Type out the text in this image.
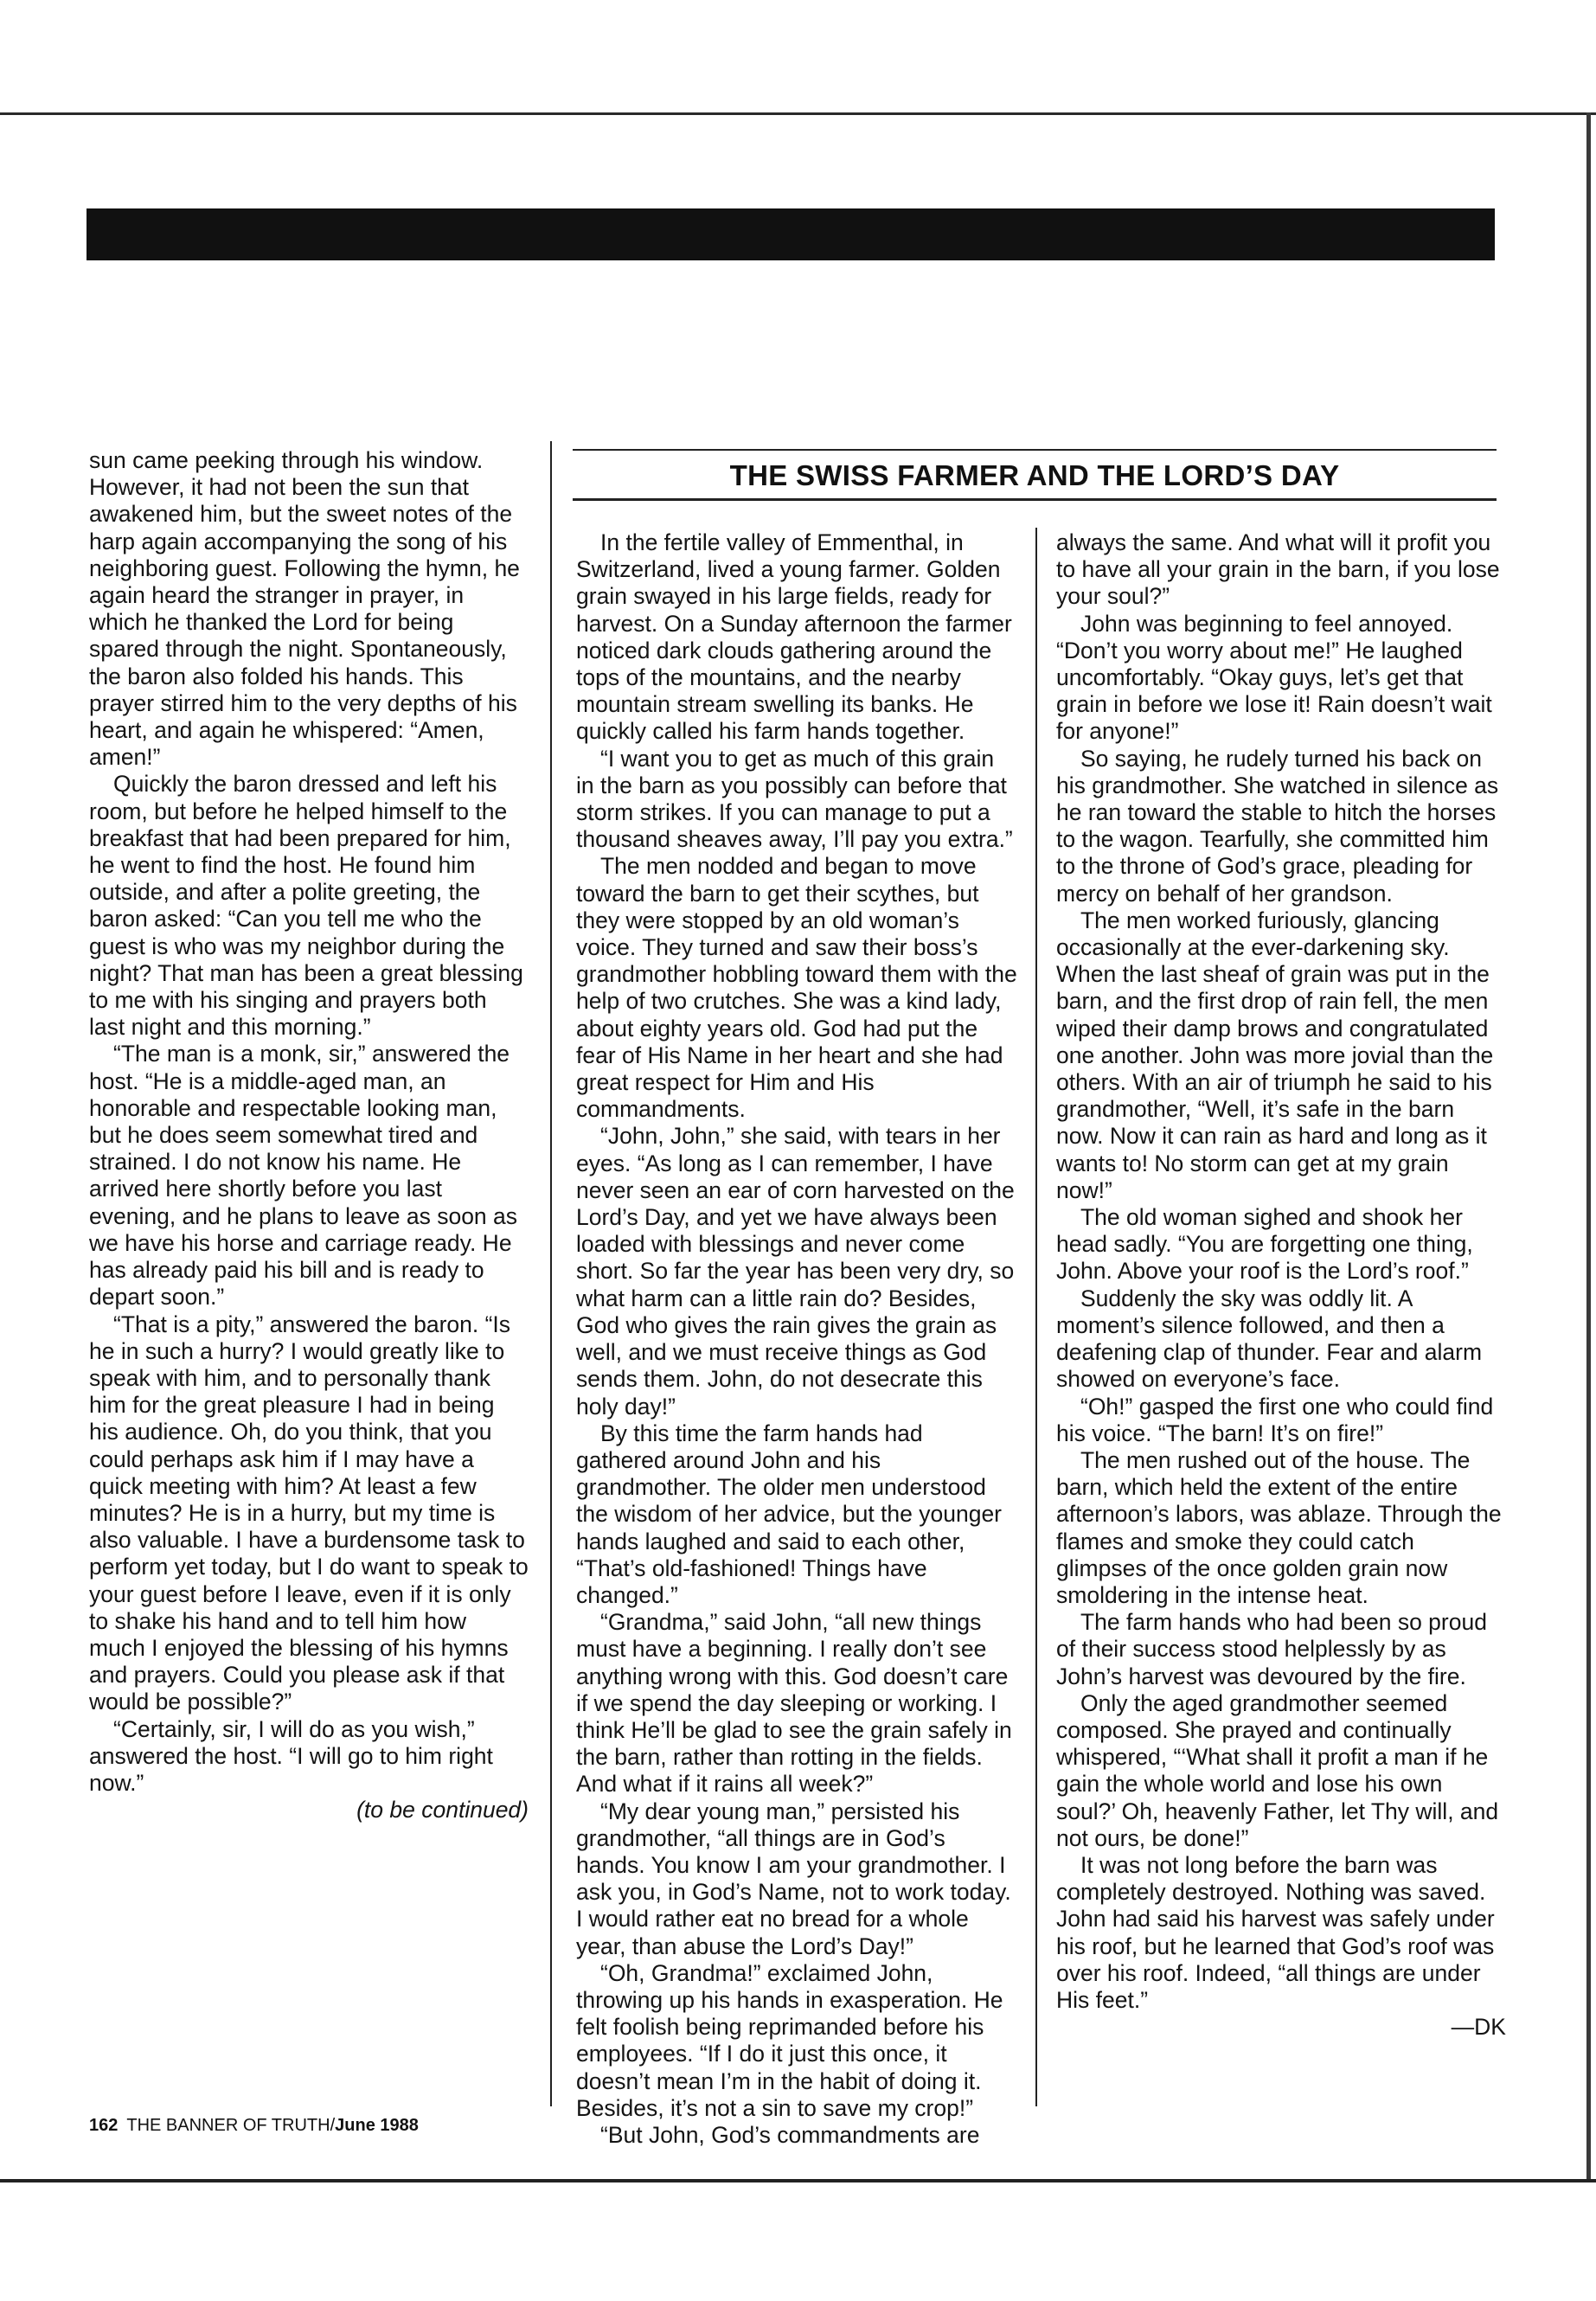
sun came peeking through his window. However, it had not been the sun that awakened him, but the sweet notes of the harp again accompanying the song of his neighboring guest. Following the hymn, he again heard the stranger in prayer, in which he thanked the Lord for being spared through the night. Spontaneously, the baron also folded his hands. This prayer stirred him to the very depths of his heart, and again he whispered: “Amen, amen!”

Quickly the baron dressed and left his room, but before he helped himself to the breakfast that had been prepared for him, he went to find the host. He found him outside, and after a polite greeting, the baron asked: “Can you tell me who the guest is who was my neighbor during the night? That man has been a great blessing to me with his singing and prayers both last night and this morning.”

“The man is a monk, sir,” answered the host. “He is a middle-aged man, an honorable and respectable looking man, but he does seem somewhat tired and strained. I do not know his name. He arrived here shortly before you last evening, and he plans to leave as soon as we have his horse and carriage ready. He has already paid his bill and is ready to depart soon.”

“That is a pity,” answered the baron. “Is he in such a hurry? I would greatly like to speak with him, and to personally thank him for the great pleasure I had in being his audience. Oh, do you think, that you could perhaps ask him if I may have a quick meeting with him? At least a few minutes? He is in a hurry, but my time is also valuable. I have a burdensome task to perform yet today, but I do want to speak to your guest before I leave, even if it is only to shake his hand and to tell him how much I enjoyed the blessing of his hymns and prayers. Could you please ask if that would be possible?”

“Certainly, sir, I will do as you wish,” answered the host. “I will go to him right now.”

(to be continued)

THE SWISS FARMER AND THE LORD’S DAY

In the fertile valley of Emmenthal, in Switzerland, lived a young farmer. Golden grain swayed in his large fields, ready for harvest. On a Sunday afternoon the farmer noticed dark clouds gathering around the tops of the mountains, and the nearby mountain stream swelling its banks. He quickly called his farm hands together.

“I want you to get as much of this grain in the barn as you possibly can before that storm strikes. If you can manage to put a thousand sheaves away, I’ll pay you extra.”

The men nodded and began to move toward the barn to get their scythes, but they were stopped by an old woman’s voice. They turned and saw their boss’s grandmother hobbling toward them with the help of two crutches. She was a kind lady, about eighty years old. God had put the fear of His Name in her heart and she had great respect for Him and His commandments.

“John, John,” she said, with tears in her eyes. “As long as I can remember, I have never seen an ear of corn harvested on the Lord’s Day, and yet we have always been loaded with blessings and never come short. So far the year has been very dry, so what harm can a little rain do? Besides, God who gives the rain gives the grain as well, and we must receive things as God sends them. John, do not desecrate this holy day!”

By this time the farm hands had gathered around John and his grandmother. The older men understood the wisdom of her advice, but the younger hands laughed and said to each other, “That’s old-fashioned! Things have changed.”

“Grandma,” said John, “all new things must have a beginning. I really don’t see anything wrong with this. God doesn’t care if we spend the day sleeping or working. I think He’ll be glad to see the grain safely in the barn, rather than rotting in the fields. And what if it rains all week?”

“My dear young man,” persisted his grandmother, “all things are in God’s hands. You know I am your grandmother. I ask you, in God’s Name, not to work today. I would rather eat no bread for a whole year, than abuse the Lord’s Day!”

“Oh, Grandma!” exclaimed John, throwing up his hands in exasperation. He felt foolish being reprimanded before his employees. “If I do it just this once, it doesn’t mean I’m in the habit of doing it. Besides, it’s not a sin to save my crop!”

“But John, God’s commandments are

always the same. And what will it profit you to have all your grain in the barn, if you lose your soul?”

John was beginning to feel annoyed. “Don’t you worry about me!” He laughed uncomfortably. “Okay guys, let’s get that grain in before we lose it! Rain doesn’t wait for anyone!”

So saying, he rudely turned his back on his grandmother. She watched in silence as he ran toward the stable to hitch the horses to the wagon. Tearfully, she committed him to the throne of God’s grace, pleading for mercy on behalf of her grandson.

The men worked furiously, glancing occasionally at the ever-darkening sky. When the last sheaf of grain was put in the barn, and the first drop of rain fell, the men wiped their damp brows and congratulated one another. John was more jovial than the others. With an air of triumph he said to his grandmother, “Well, it’s safe in the barn now. Now it can rain as hard and long as it wants to! No storm can get at my grain now!”

The old woman sighed and shook her head sadly. “You are forgetting one thing, John. Above your roof is the Lord’s roof.”

Suddenly the sky was oddly lit. A moment’s silence followed, and then a deafening clap of thunder. Fear and alarm showed on everyone’s face.

“Oh!” gasped the first one who could find his voice. “The barn! It’s on fire!”

The men rushed out of the house. The barn, which held the extent of the entire afternoon’s labors, was ablaze. Through the flames and smoke they could catch glimpses of the once golden grain now smoldering in the intense heat.

The farm hands who had been so proud of their success stood helplessly by as John’s harvest was devoured by the fire.

Only the aged grandmother seemed composed. She prayed and continually whispered, “‘What shall it profit a man if he gain the whole world and lose his own soul?’ Oh, heavenly Father, let Thy will, and not ours, be done!”

It was not long before the barn was completely destroyed. Nothing was saved. John had said his harvest was safely under his roof, but he learned that God’s roof was over his roof. Indeed, “all things are under His feet.”

—DK

162 THE BANNER OF TRUTH/June 1988
